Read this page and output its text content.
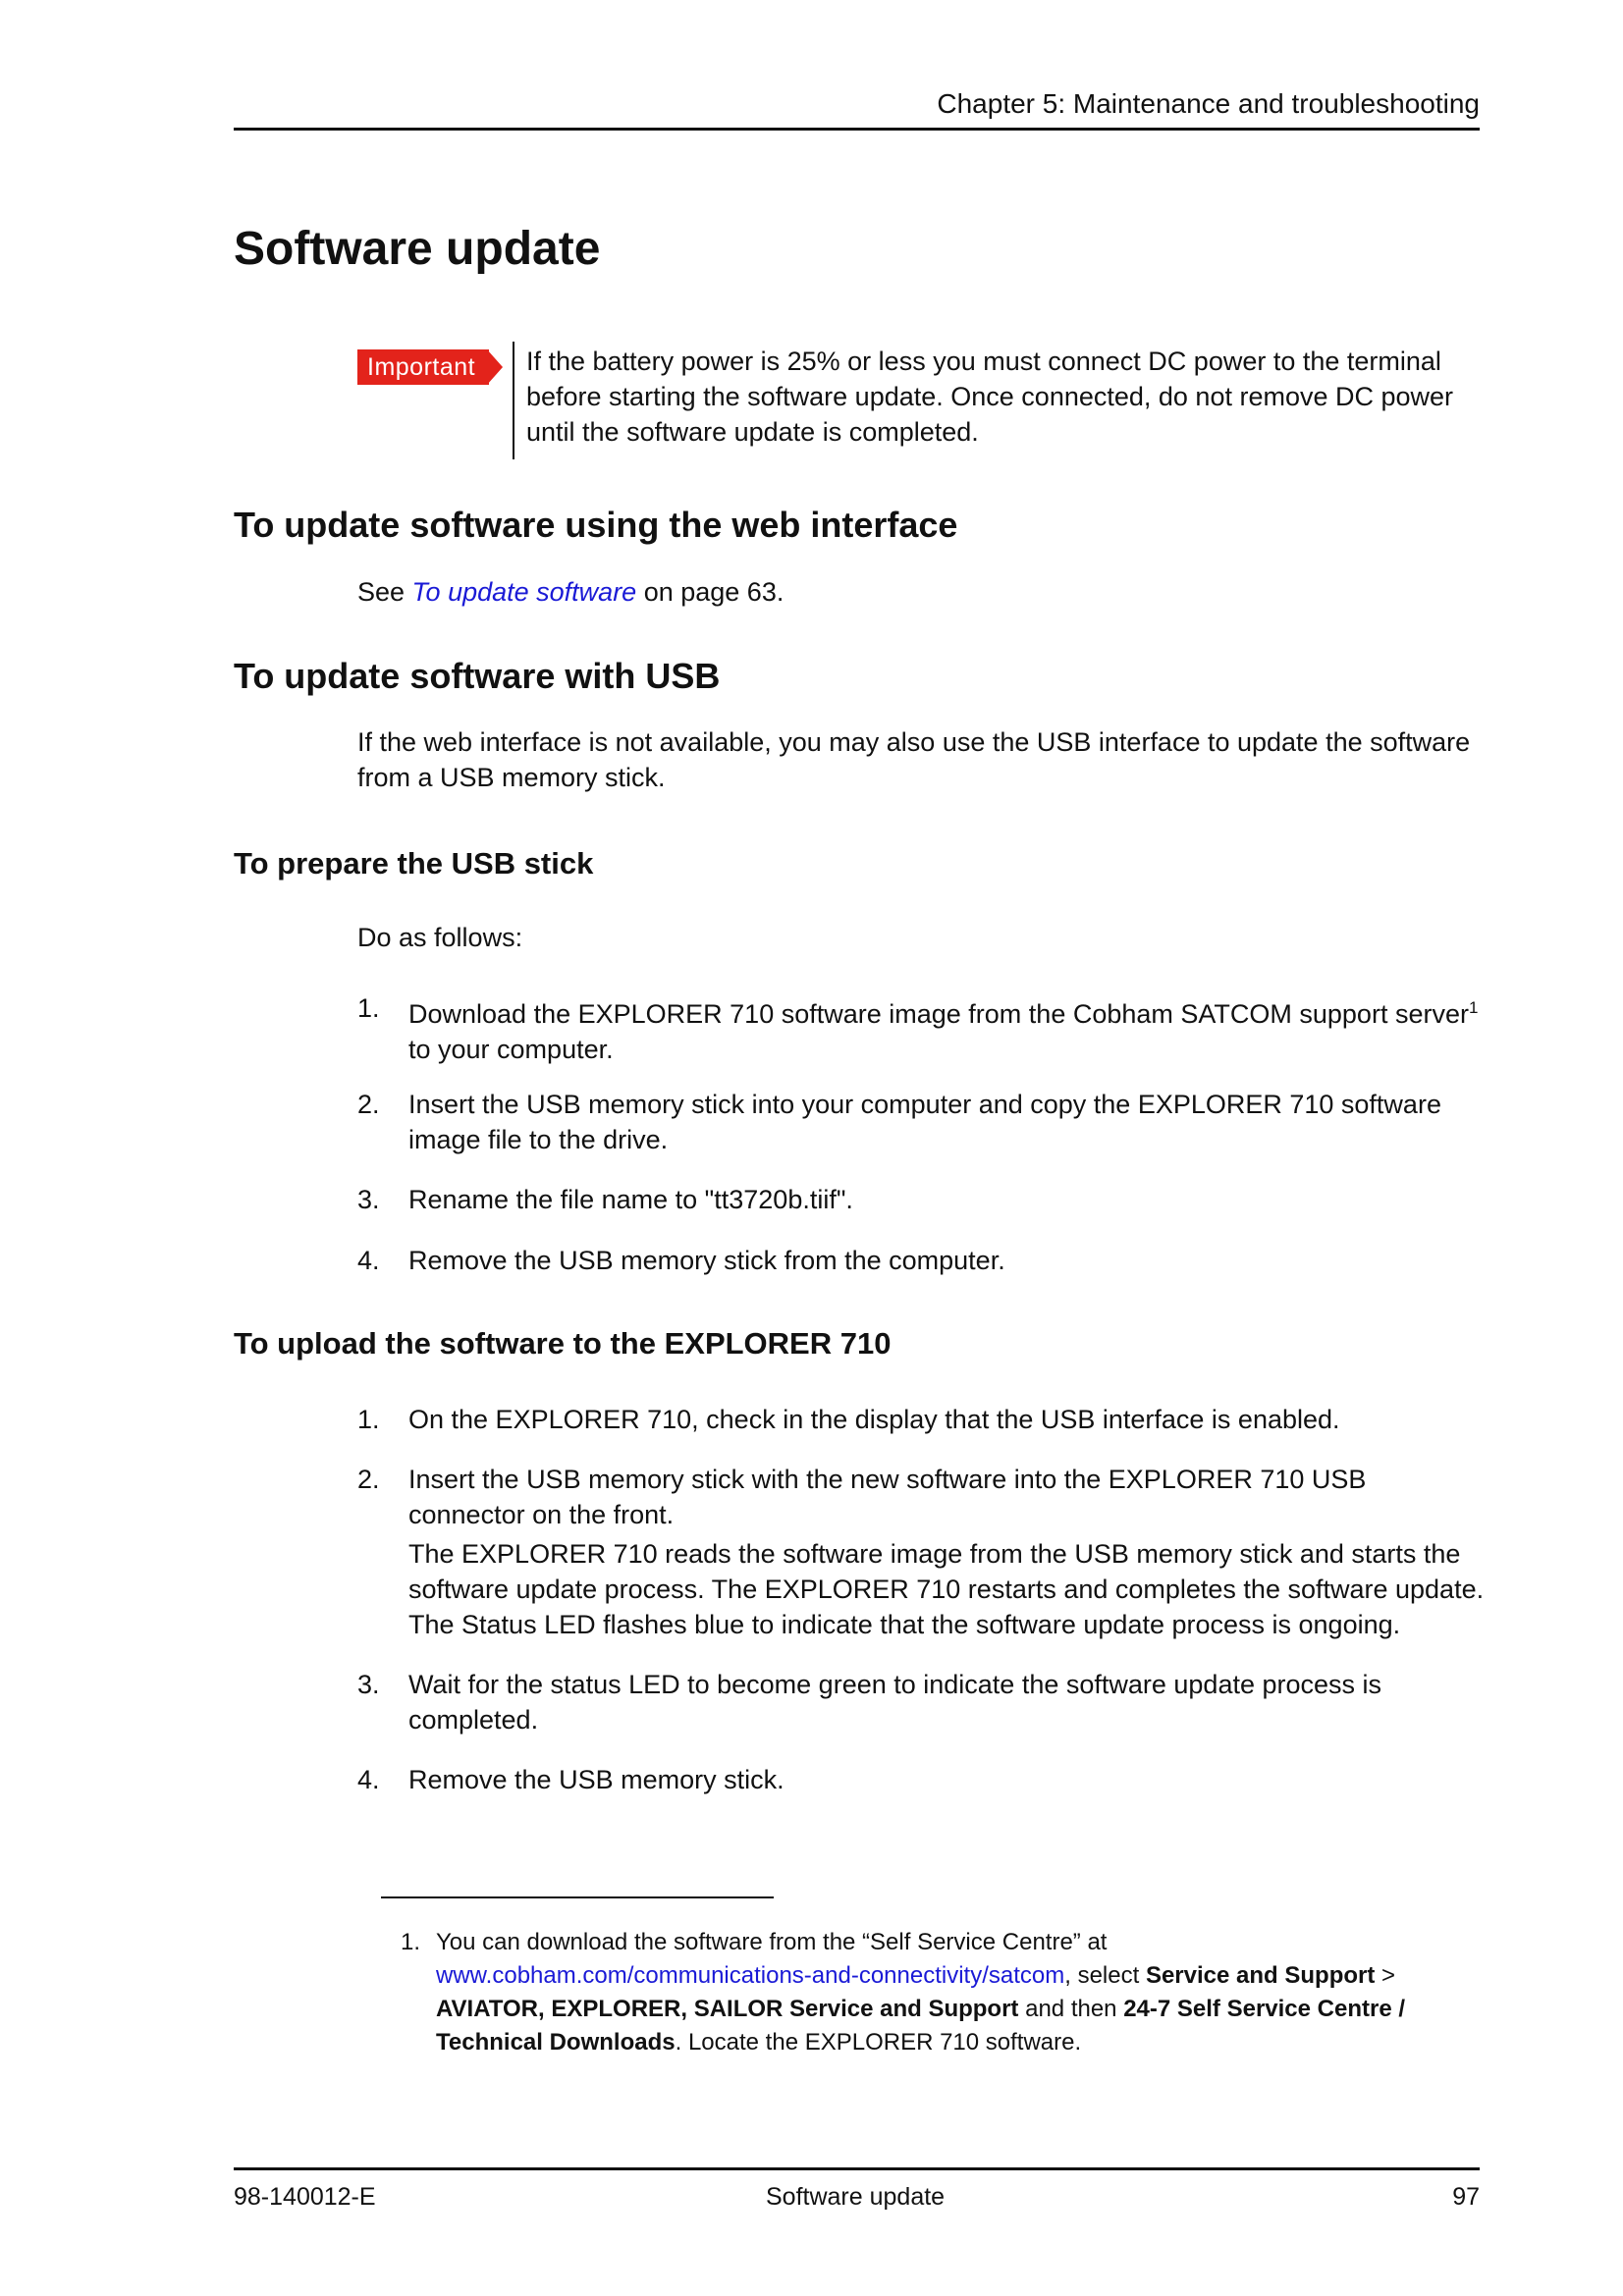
Chapter 5: Maintenance and troubleshooting
Software update
Important	If the battery power is 25% or less you must connect DC power to the terminal before starting the software update. Once connected, do not remove DC power until the software update is completed.
To update software using the web interface
See To update software on page 63.
To update software with USB
If the web interface is not available, you may also use the USB interface to update the software from a USB memory stick.
To prepare the USB stick
Do as follows:
1. Download the EXPLORER 710 software image from the Cobham SATCOM support server$^1$ to your computer.
2. Insert the USB memory stick into your computer and copy the EXPLORER 710 software image file to the drive.
3. Rename the file name to "tt3720b.tiif".
4. Remove the USB memory stick from the computer.
To upload the software to the EXPLORER 710
1. On the EXPLORER 710, check in the display that the USB interface is enabled.
2. Insert the USB memory stick with the new software into the EXPLORER 710 USB connector on the front.
The EXPLORER 710 reads the software image from the USB memory stick and starts the software update process. The EXPLORER 710 restarts and completes the software update. The Status LED flashes blue to indicate that the software update process is ongoing.
3. Wait for the status LED to become green to indicate the software update process is completed.
4. Remove the USB memory stick.
1. You can download the software from the “Self Service Centre” at www.cobham.com/communications-and-connectivity/satcom, select Service and Support > AVIATOR, EXPLORER, SAILOR Service and Support and then 24-7 Self Service Centre / Technical Downloads. Locate the EXPLORER 710 software.
98-140012-E	Software update	97
